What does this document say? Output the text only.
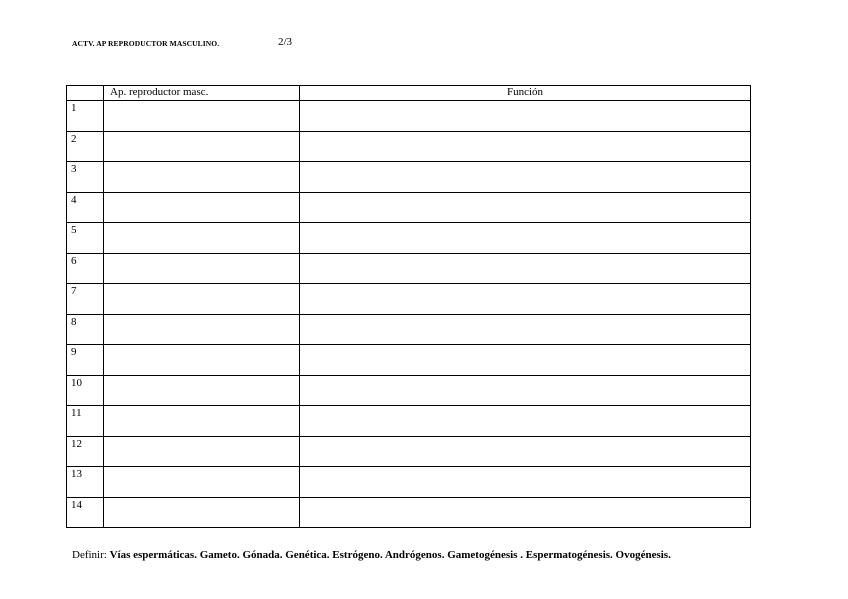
ACTV. AP REPRODUCTOR MASCULINO.	2/3
	Ap. reproductor masc.	Función
1		
2		
3		
4		
5		
6		
7		
8		
9		
10		
11		
12		
13		
14		
Definir: Vías espermáticas. Gameto. Gónada. Genética. Estrógeno. Andrógenos. Gametogénesis . Espermatogénesis. Ovogénesis.
